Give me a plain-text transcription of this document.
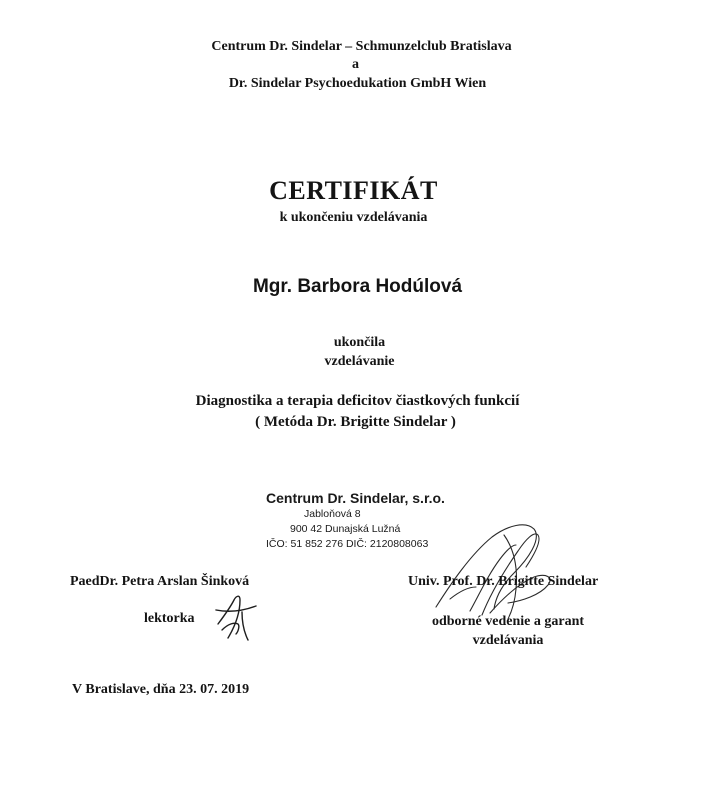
Centrum Dr. Sindelar – Schmunzelclub Bratislava
a
Dr. Sindelar Psychoedukation GmbH Wien
CERTIFIKÁT
k ukončeniu vzdelávania
Mgr. Barbora Hodúlová
ukončila
vzdelávanie
Diagnostika a terapia deficitov čiastkových funkcií
( Metóda Dr. Brigitte Sindelar )
Centrum Dr. Sindelar, s.r.o.
Jabloňová 8
900 42 Dunajská Lužná
IČO: 51 852 276 DIČ: 2120808063
PaedDr. Petra Arslan Šinková	Univ. Prof. Dr. Brigitte Sindelar
lektorka	odborné vedenie a garant
vzdelávania
V Bratislave, dňa 23. 07. 2019
